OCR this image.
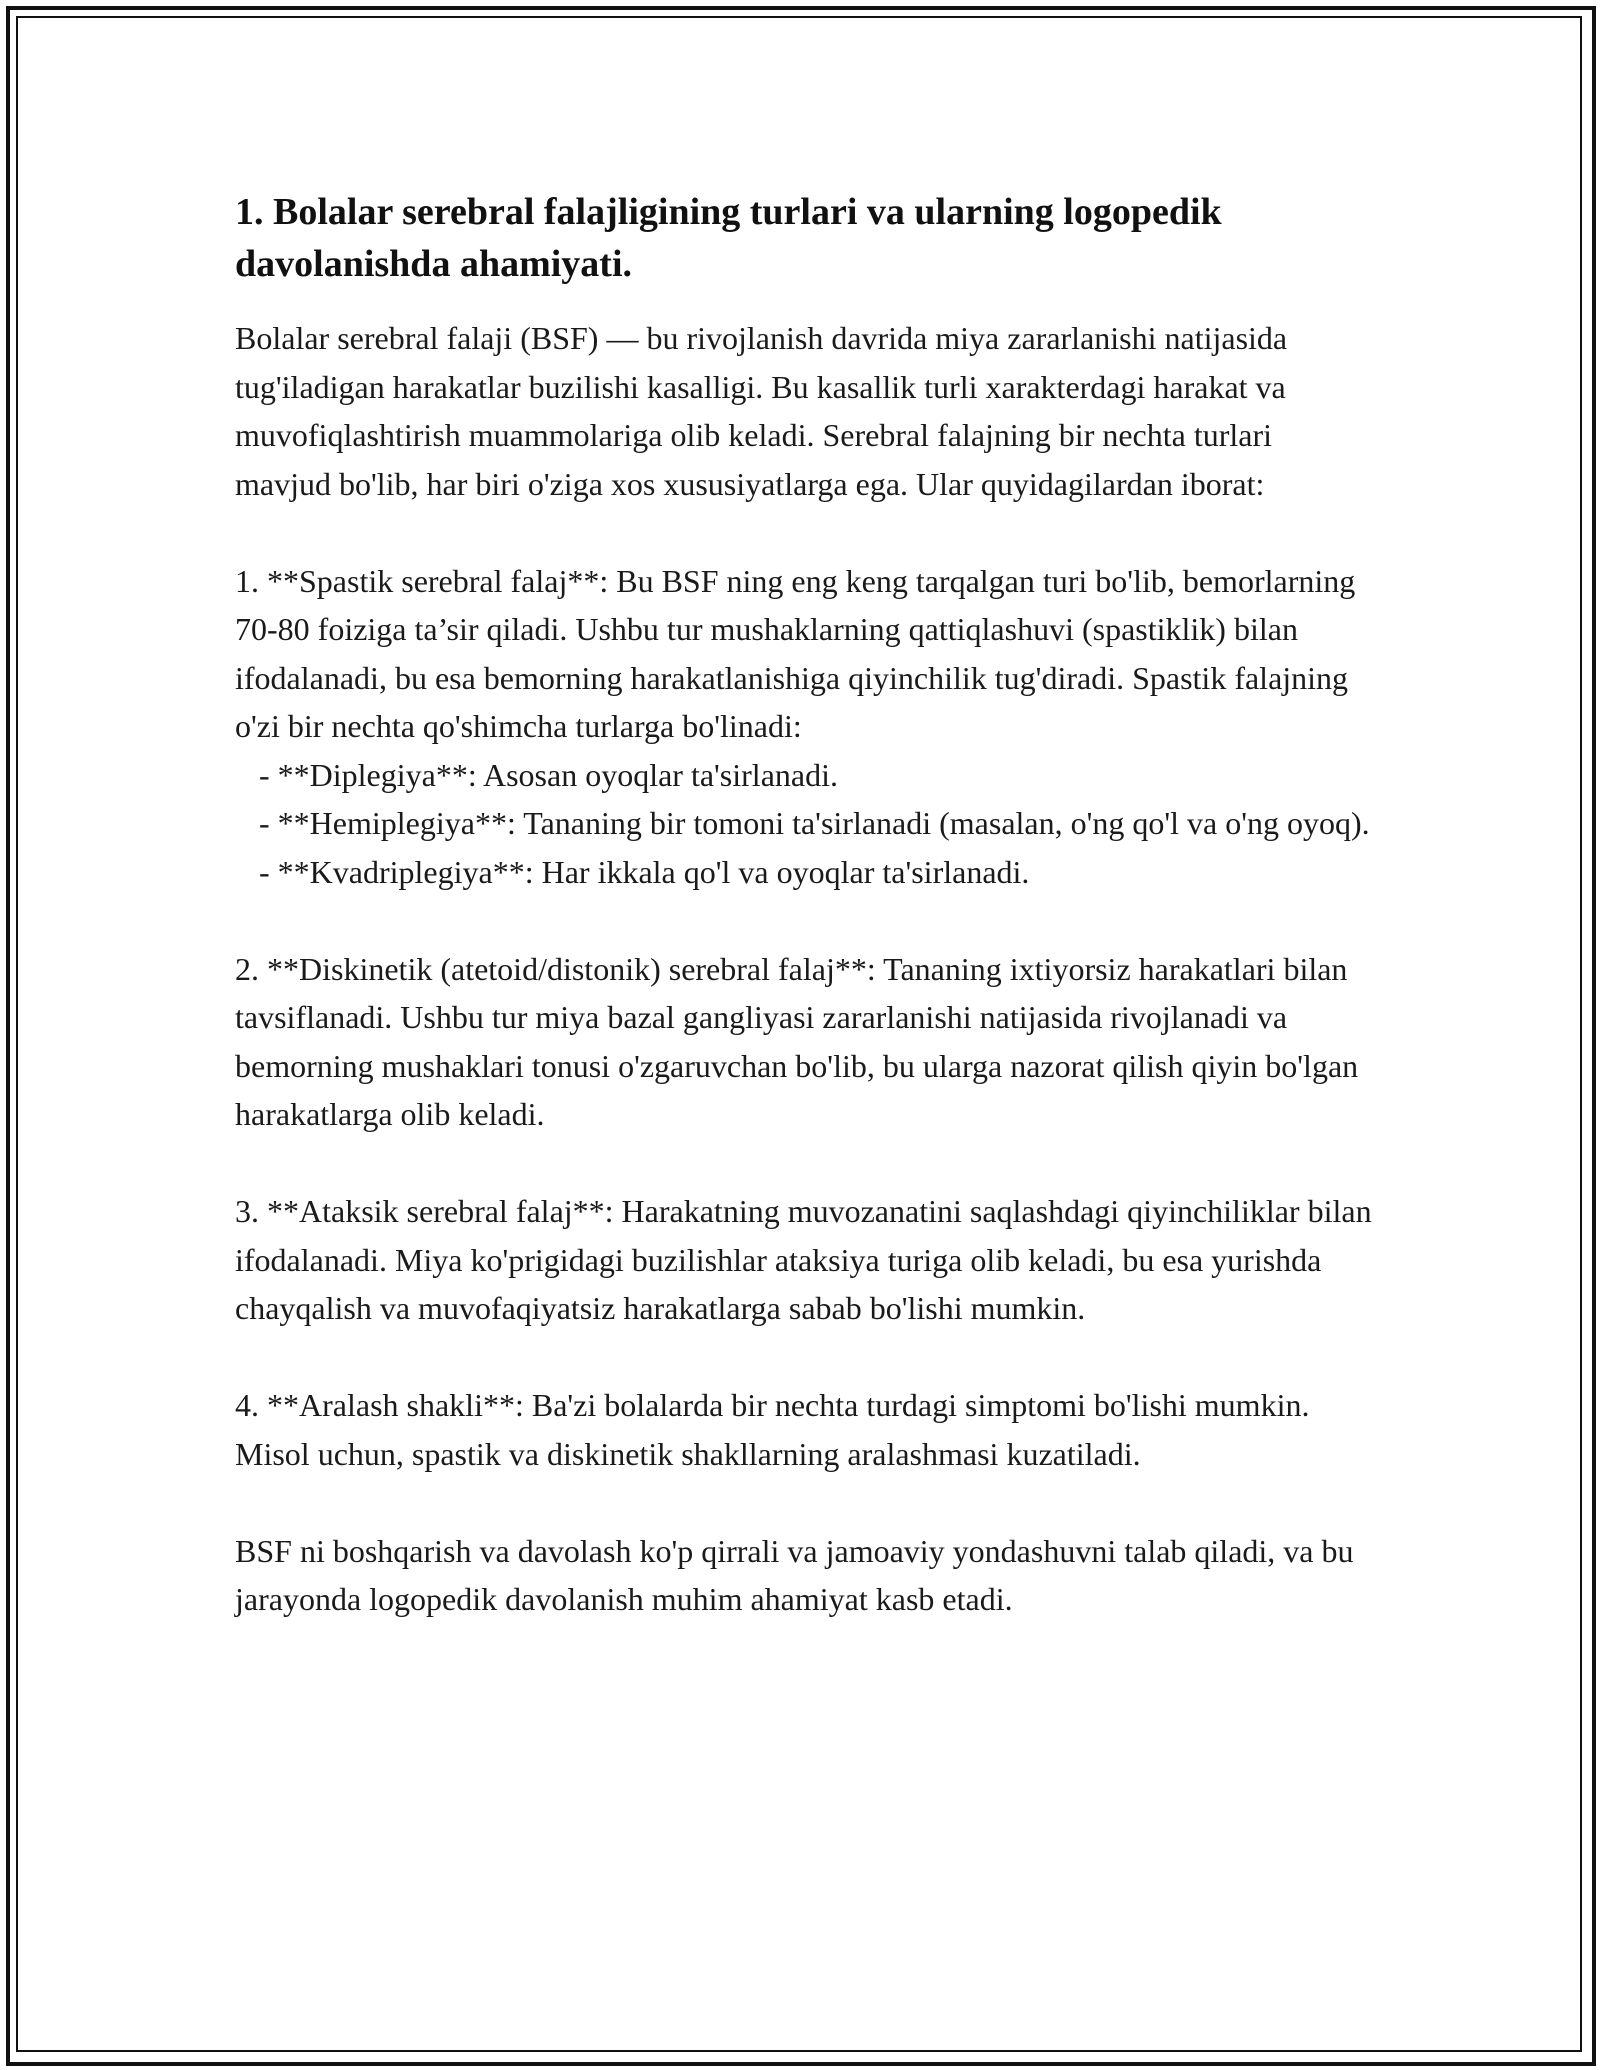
1. Bolalar serebral falajligining turlari va ularning logopedik davolanishda ahamiyati.

Bolalar serebral falaji (BSF) — bu rivojlanish davrida miya zararlanishi natijasida tug'iladigan harakatlar buzilishi kasalligi. Bu kasallik turli xarakterdagi harakat va muvofiqlashtirish muammolariga olib keladi. Serebral falajning bir nechta turlari mavjud bo'lib, har biri o'ziga xos xususiyatlarga ega. Ular quyidagilardan iborat:

1. **Spastik serebral falaj**: Bu BSF ning eng keng tarqalgan turi bo'lib, bemorlarning 70-80 foiziga ta’sir qiladi. Ushbu tur mushaklarning qattiqlashuvi (spastiklik) bilan ifodalanadi, bu esa bemorning harakatlanishiga qiyinchilik tug'diradi. Spastik falajning o'zi bir nechta qo'shimcha turlarga bo'linadi:

- **Diplegiya**: Asosan oyoqlar ta'sirlanadi.

- **Hemiplegiya**: Tananing bir tomoni ta'sirlanadi (masalan, o'ng qo'l va o'ng oyoq).

- **Kvadriplegiya**: Har ikkala qo'l va oyoqlar ta'sirlanadi.

2. **Diskinetik (atetoid/distonik) serebral falaj**: Tananing ixtiyorsiz harakatlari bilan tavsiflanadi. Ushbu tur miya bazal gangliyasi zararlanishi natijasida rivojlanadi va bemorning mushaklari tonusi o'zgaruvchan bo'lib, bu ularga nazorat qilish qiyin bo'lgan harakatlarga olib keladi.

3. **Ataksik serebral falaj**: Harakatning muvozanatini saqlashdagi qiyinchiliklar bilan ifodalanadi. Miya ko'prigidagi buzilishlar ataksiya turiga olib keladi, bu esa yurishda chayqalish va muvofaqiyatsiz harakatlarga sabab bo'lishi mumkin.

4. **Aralash shakli**: Ba'zi bolalarda bir nechta turdagi simptomi bo'lishi mumkin. Misol uchun, spastik va diskinetik shakllarning aralashmasi kuzatiladi.

BSF ni boshqarish va davolash ko'p qirrali va jamoaviy yondashuvni talab qiladi, va bu jarayonda logopedik davolanish muhim ahamiyat kasb etadi.
